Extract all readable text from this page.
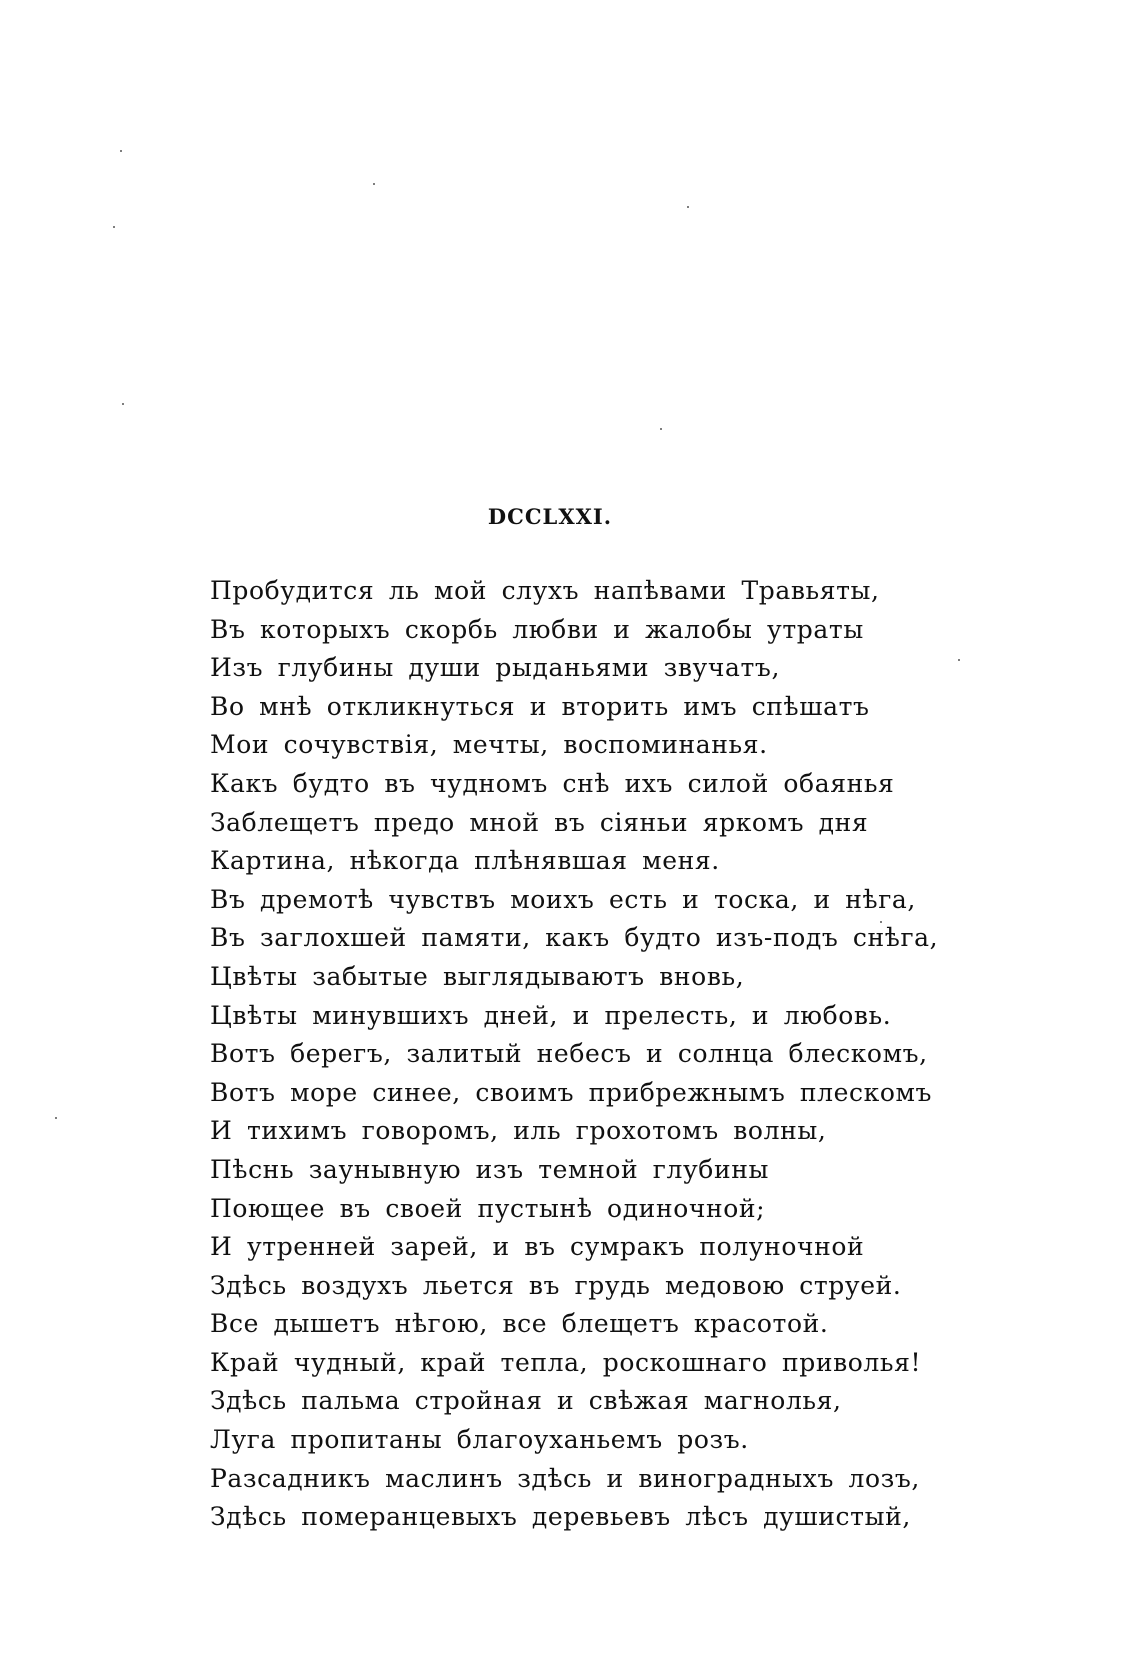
DCCLXXI.
Пробудится ль мой слухъ напѣвами Травьяты,
Въ которыхъ скорбь любви и жалобы утраты
Изъ глубины души рыданьями звучатъ,
Во мнѣ откликнуться и вторить имъ спѣшатъ
Мои сочувствія, мечты, воспоминанья.
Какъ будто въ чудномъ снѣ ихъ силой обаянья
Заблещетъ предо мной въ сіяньи яркомъ дня
Картина, нѣкогда плѣнявшая меня.
Въ дремотѣ чувствъ моихъ есть и тоска, и нѣга,
Въ заглохшей памяти, какъ будто изъ-подъ снѣга,
Цвѣты забытые выглядываютъ вновь,
Цвѣты минувшихъ дней, и прелесть, и любовь.
Вотъ берегъ, залитый небесъ и солнца блескомъ,
Вотъ море синее, своимъ прибрежнымъ плескомъ
И тихимъ говоромъ, иль грохотомъ волны,
Пѣснь заунывную изъ темной глубины
Поющее въ своей пустынѣ одиночной;
И утренней зарей, и въ сумракъ полуночной
Здѣсь воздухъ льется въ грудь медовою струей.
Все дышетъ нѣгою, все блещетъ красотой.
Край чудный, край тепла, роскошнаго приволья!
Здѣсь пальма стройная и свѣжая магнолья,
Луга пропитаны благоуханьемъ розъ.
Разсадникъ маслинъ здѣсь и виноградныхъ лозъ,
Здѣсь померанцевыхъ деревьевъ лѣсъ душистый,
